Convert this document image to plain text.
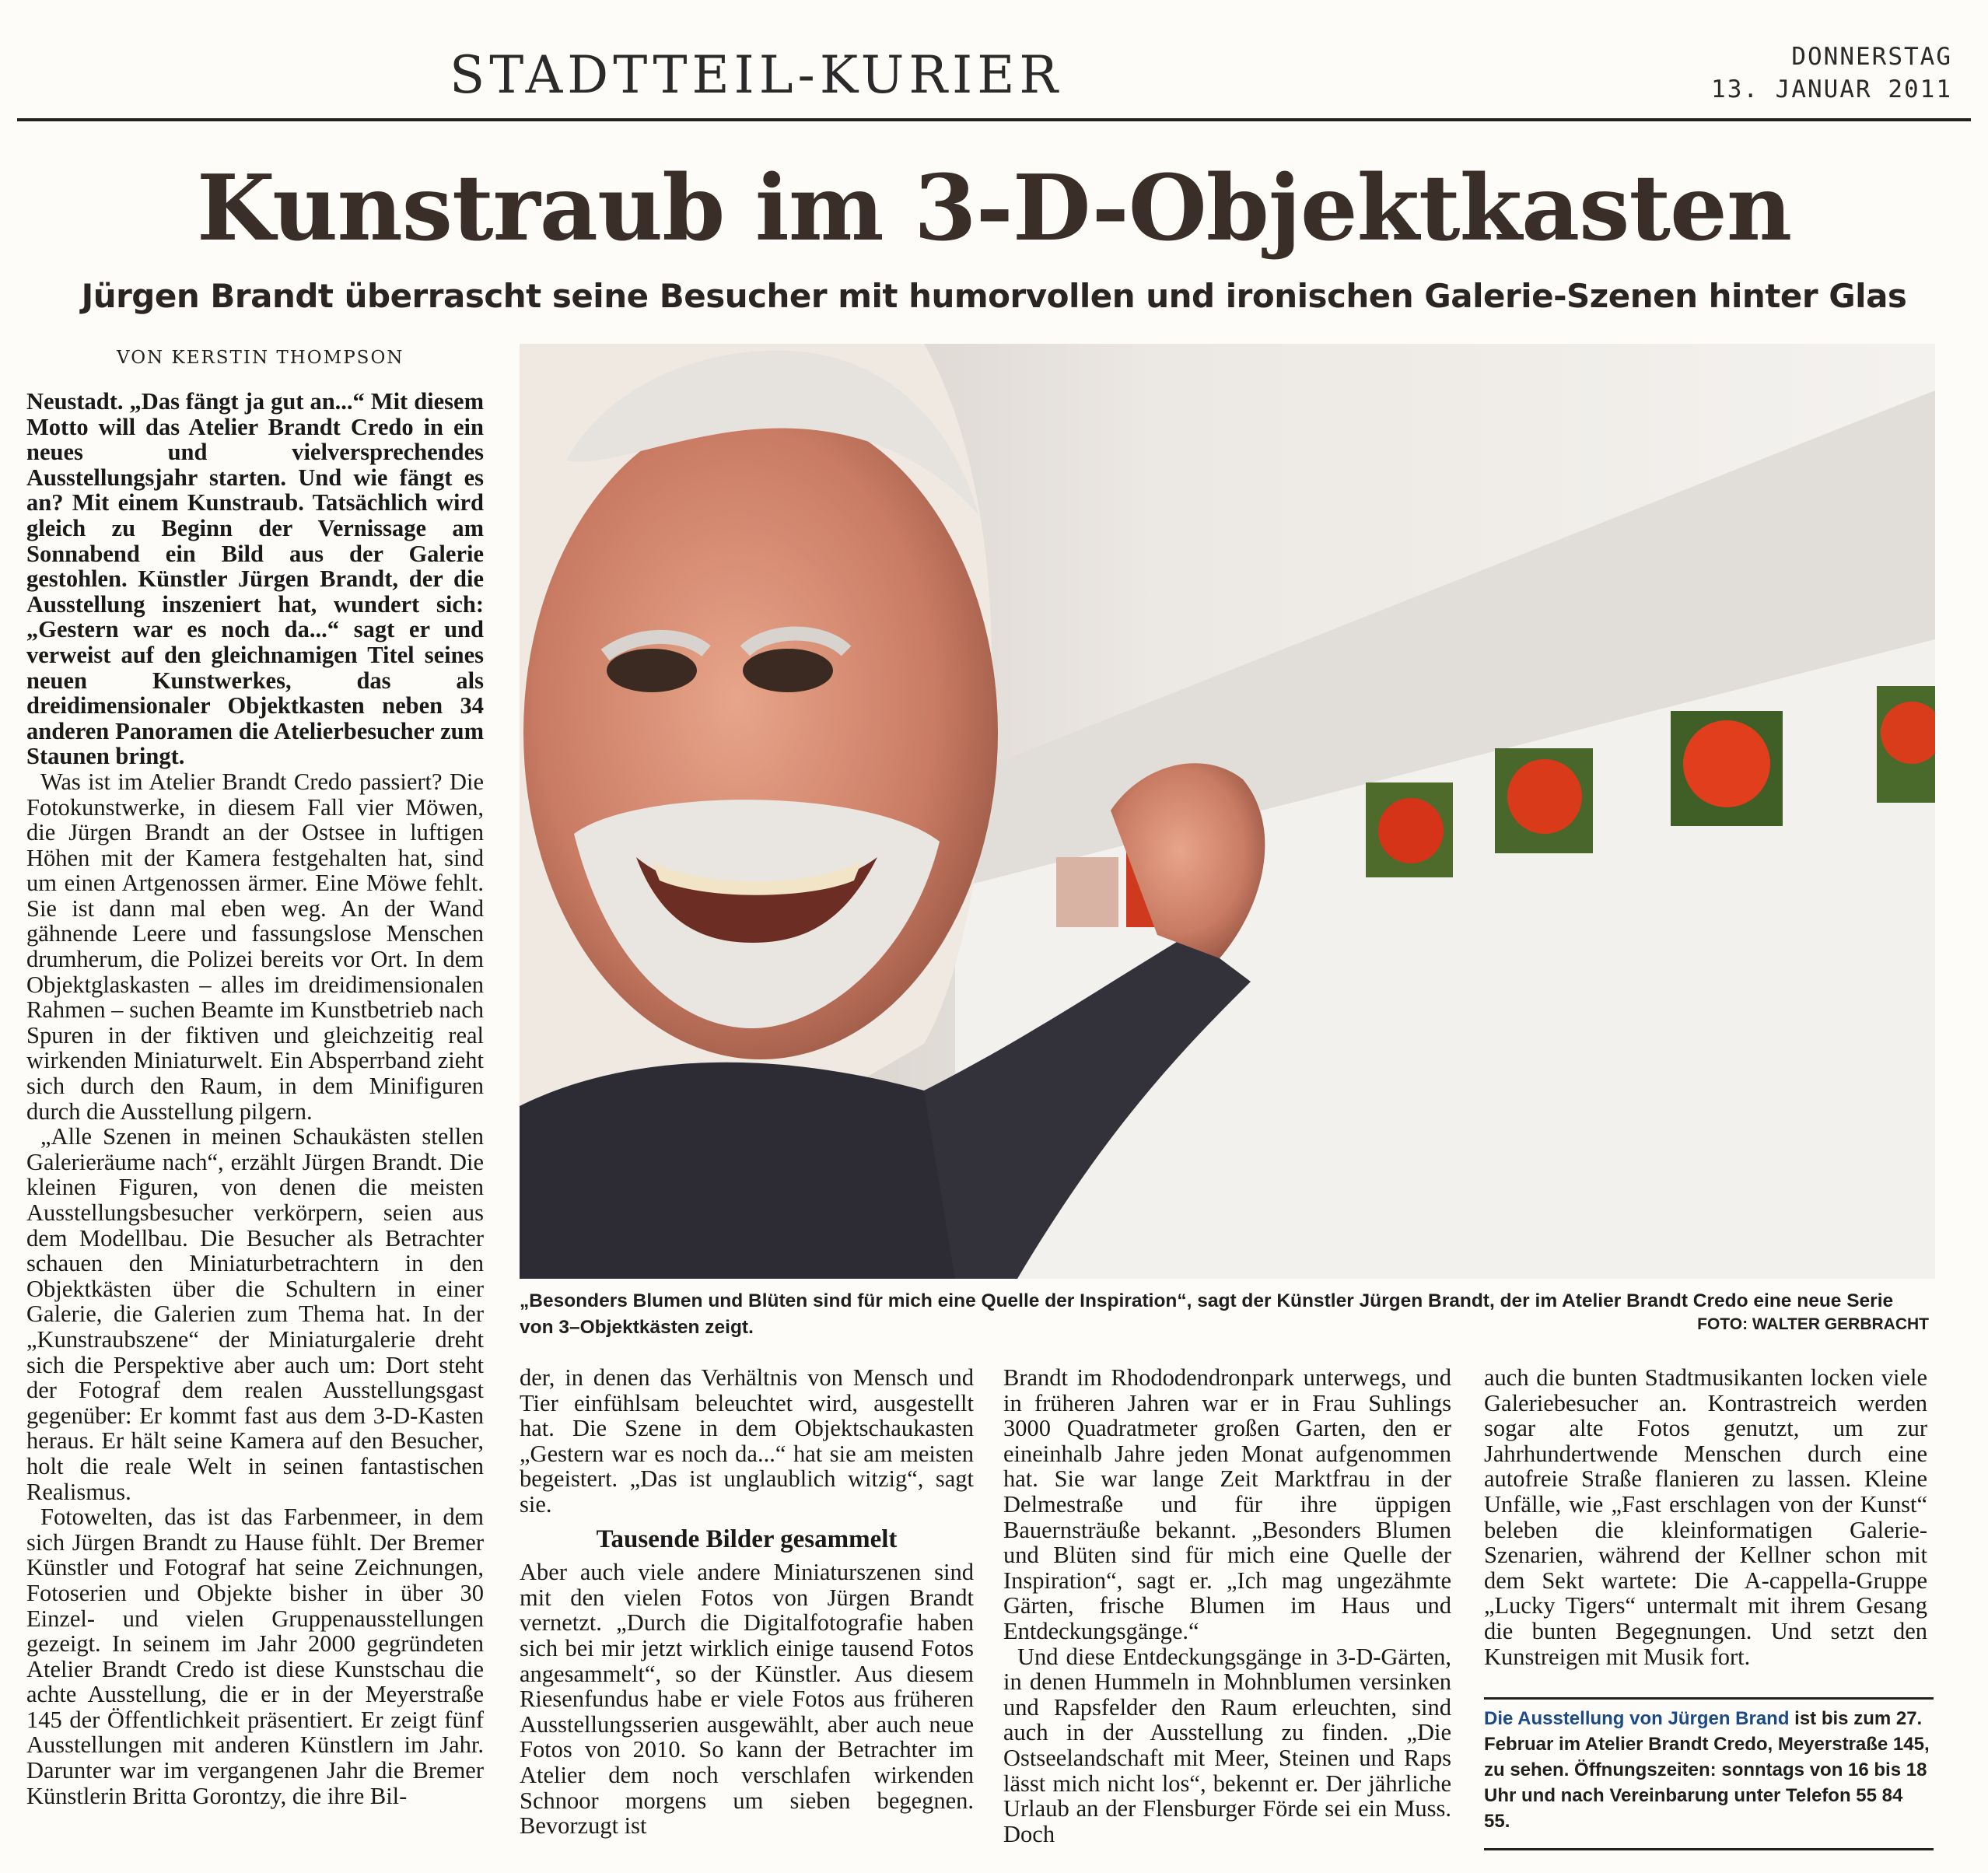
STADTTEIL-KURIER	DONNERSTAG
13. JANUAR 2011
Kunstraub im 3-D-Objektkasten
Jürgen Brandt überrascht seine Besucher mit humorvollen und ironischen Galerie-Szenen hinter Glas
VON KERSTIN THOMPSON

Neustadt. „Das fängt ja gut an...“ Mit diesem Motto will das Atelier Brandt Credo in ein neues und vielversprechendes Ausstellungsjahr starten. Und wie fängt es an? Mit einem Kunstraub. Tatsächlich wird gleich zu Beginn der Vernissage am Sonnabend ein Bild aus der Galerie gestohlen. Künstler Jürgen Brandt, der die Ausstellung inszeniert hat, wundert sich: „Gestern war es noch da...“ sagt er und verweist auf den gleichnamigen Titel seines neuen Kunstwerkes, das als dreidimensionaler Objektkasten neben 34 anderen Panoramen die Atelierbesucher zum Staunen bringt.

Was ist im Atelier Brandt Credo passiert? Die Fotokunstwerke, in diesem Fall vier Möwen, die Jürgen Brandt an der Ostsee in luftigen Höhen mit der Kamera festgehalten hat, sind um einen Artgenossen ärmer. Eine Möwe fehlt. Sie ist dann mal eben weg. An der Wand gähnende Leere und fassungslose Menschen drumherum, die Polizei bereits vor Ort. In dem Objektglaskasten – alles im dreidimensionalen Rahmen – suchen Beamte im Kunstbetrieb nach Spuren in der fiktiven und gleichzeitig real wirkenden Miniaturwelt. Ein Absperrband zieht sich durch den Raum, in dem Minifiguren durch die Ausstellung pilgern.

„Alle Szenen in meinen Schaukästen stellen Galerieräume nach“, erzählt Jürgen Brandt. Die kleinen Figuren, von denen die meisten Ausstellungsbesucher verkörpern, seien aus dem Modellbau. Die Besucher als Betrachter schauen den Miniaturbetrachtern in den Objektkästen über die Schultern in einer Galerie, die Galerien zum Thema hat. In der „Kunstraubszene“ der Miniaturgalerie dreht sich die Perspektive aber auch um: Dort steht der Fotograf dem realen Ausstellungsgast gegenüber: Er kommt fast aus dem 3-D-Kasten heraus. Er hält seine Kamera auf den Besucher, holt die reale Welt in seinen fantastischen Realismus.

Fotowelten, das ist das Farbenmeer, in dem sich Jürgen Brandt zu Hause fühlt. Der Bremer Künstler und Fotograf hat seine Zeichnungen, Fotoserien und Objekte bisher in über 30 Einzel- und vielen Gruppenausstellungen gezeigt. In seinem im Jahr 2000 gegründeten Atelier Brandt Credo ist diese Kunstschau die achte Ausstellung, die er in der Meyerstraße 145 der Öffentlichkeit präsentiert. Er zeigt fünf Ausstellungen mit anderen Künstlern im Jahr. Darunter war im vergangenen Jahr die Bremer Künstlerin Britta Gorontzy, die ihre Bil-

„Besonders Blumen und Blüten sind für mich eine Quelle der Inspiration“, sagt der Künstler Jürgen Brandt, der im Atelier Brandt Credo eine neue Serie von 3–Objektkästen zeigt.	FOTO: WALTER GERBRACHT

der, in denen das Verhältnis von Mensch und Tier einfühlsam beleuchtet wird, ausgestellt hat. Die Szene in dem Objektschaukasten „Gestern war es noch da...“ hat sie am meisten begeistert. „Das ist unglaublich witzig“, sagt sie.

Tausende Bilder gesammelt

Aber auch viele andere Miniaturszenen sind mit den vielen Fotos von Jürgen Brandt vernetzt. „Durch die Digitalfotografie haben sich bei mir jetzt wirklich einige tausend Fotos angesammelt“, so der Künstler. Aus diesem Riesenfundus habe er viele Fotos aus früheren Ausstellungsserien ausgewählt, aber auch neue Fotos von 2010. So kann der Betrachter im Atelier dem noch verschlafen wirkenden Schnoor morgens um sieben begegnen. Bevorzugt ist

Brandt im Rhododendronpark unterwegs, und in früheren Jahren war er in Frau Suhlings 3000 Quadratmeter großen Garten, den er eineinhalb Jahre jeden Monat aufgenommen hat. Sie war lange Zeit Marktfrau in der Delmestraße und für ihre üppigen Bauernsträuße bekannt. „Besonders Blumen und Blüten sind für mich eine Quelle der Inspiration“, sagt er. „Ich mag ungezähmte Gärten, frische Blumen im Haus und Entdeckungsgänge.“

Und diese Entdeckungsgänge in 3-D-Gärten, in denen Hummeln in Mohnblumen versinken und Rapsfelder den Raum erleuchten, sind auch in der Ausstellung zu finden. „Die Ostseelandschaft mit Meer, Steinen und Raps lässt mich nicht los“, bekennt er. Der jährliche Urlaub an der Flensburger Förde sei ein Muss. Doch

auch die bunten Stadtmusikanten locken viele Galeriebesucher an. Kontrastreich werden sogar alte Fotos genutzt, um zur Jahrhundertwende Menschen durch eine autofreie Straße flanieren zu lassen. Kleine Unfälle, wie „Fast erschlagen von der Kunst“ beleben die kleinformatigen Galerie-Szenarien, während der Kellner schon mit dem Sekt wartete: Die A-cappella-Gruppe „Lucky Tigers“ untermalt mit ihrem Gesang die bunten Begegnungen. Und setzt den Kunstreigen mit Musik fort.

Die Ausstellung von Jürgen Brand ist bis zum 27. Februar im Atelier Brandt Credo, Meyerstraße 145, zu sehen. Öffnungszeiten: sonntags von 16 bis 18 Uhr und nach Vereinbarung unter Telefon 55 84 55.
